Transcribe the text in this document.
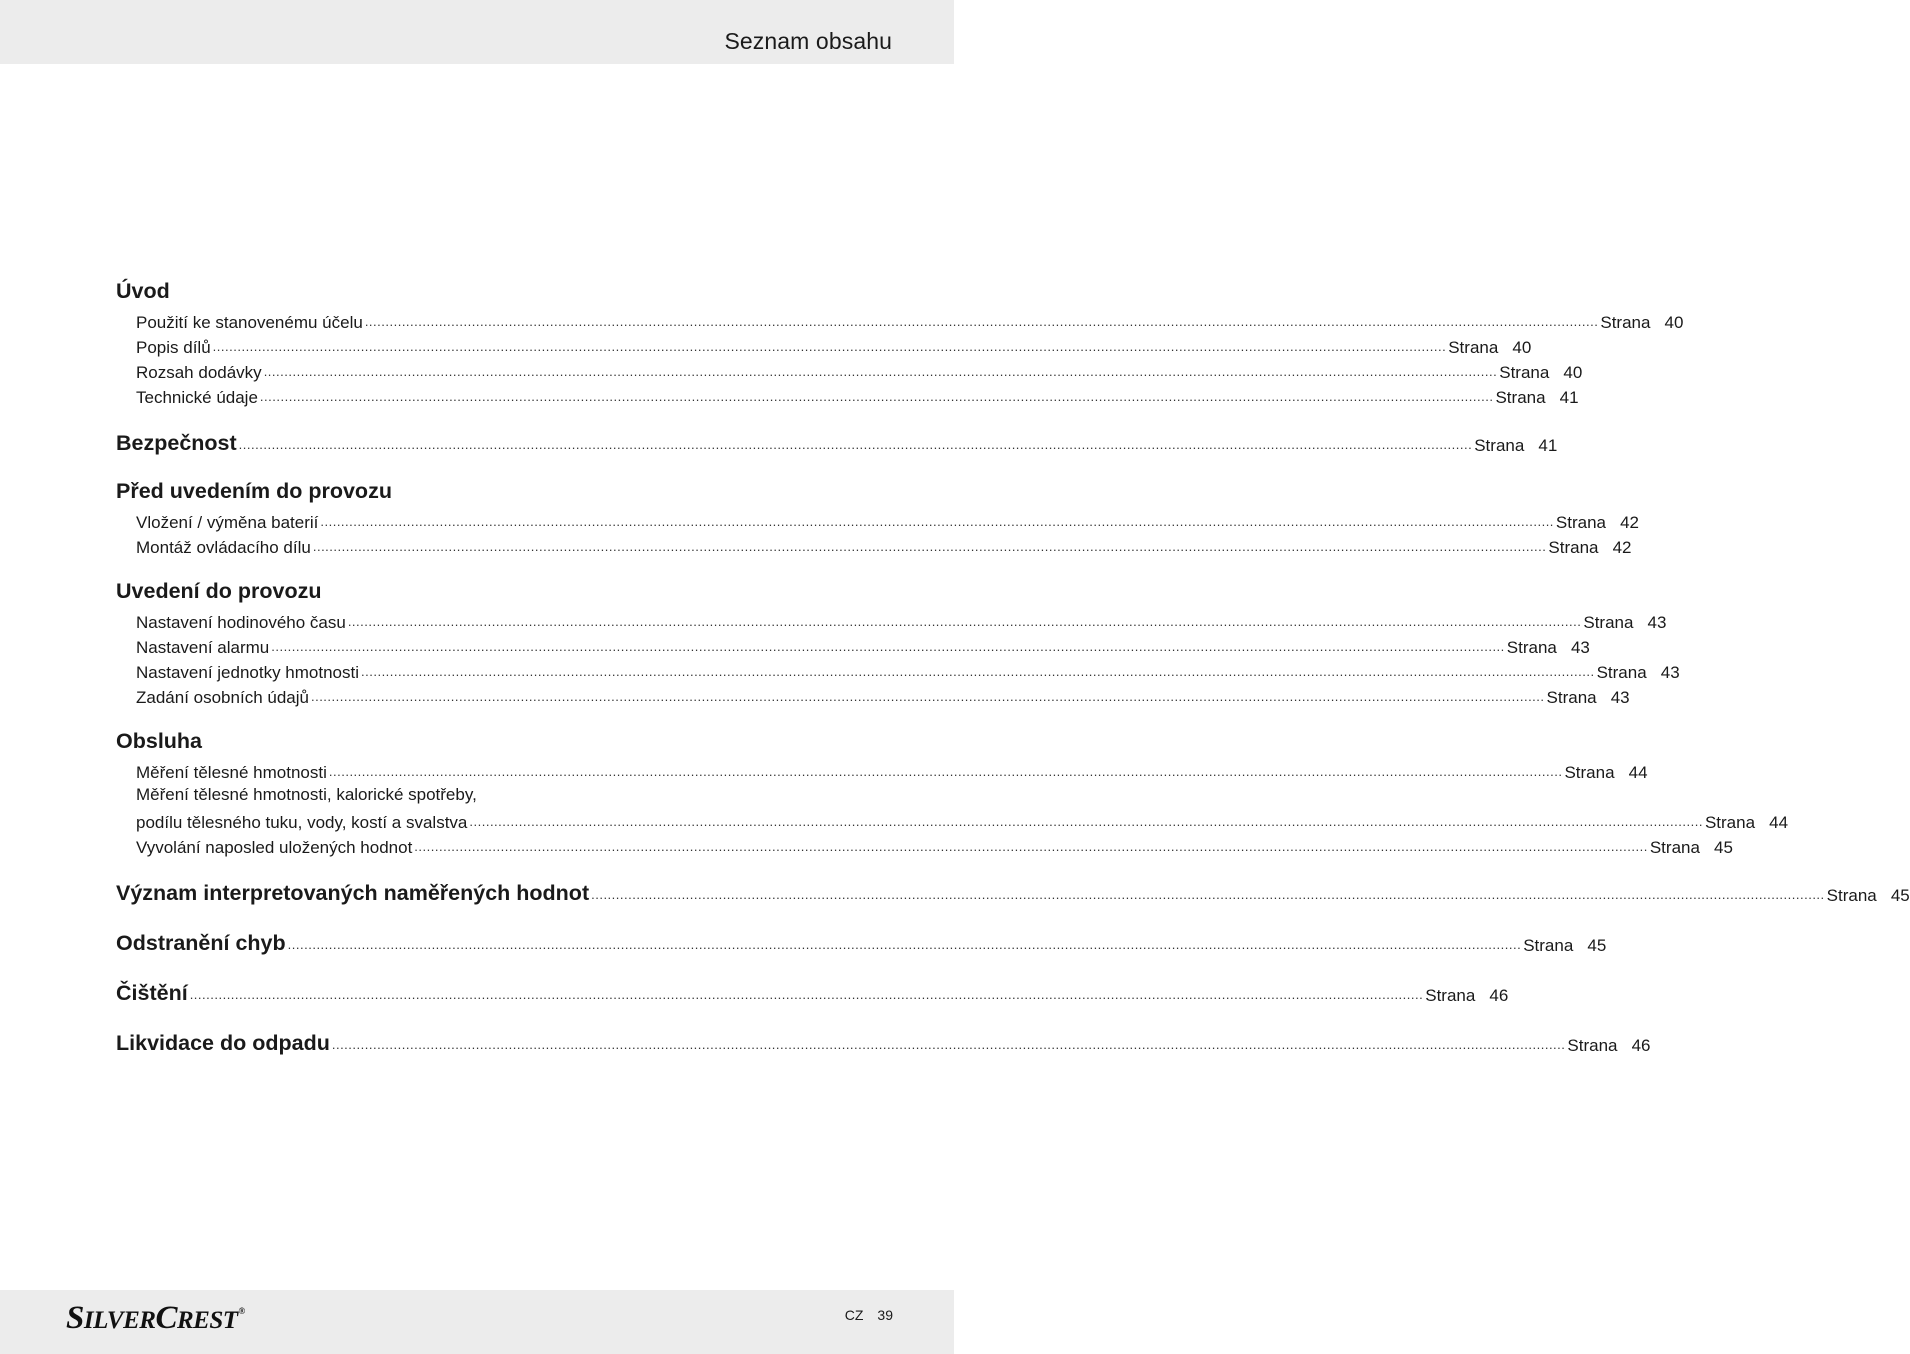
Seznam obsahu
Úvod
Použití ke stanovenému účelu ............................................................................................................................................................................................................................................................................................................ Strana 40
Popis dílů ............................................................................................................................................................................................................................................................................................................ Strana 40
Rozsah dodávky ............................................................................................................................................................................................................................................................................................................ Strana 40
Technické údaje ............................................................................................................................................................................................................................................................................................................ Strana 41
Bezpečnost ............................................................................................................................................................................................................................................................................................................ Strana 41
Před uvedením do provozu
Vložení / výměna baterií ............................................................................................................................................................................................................................................................................................................ Strana 42
Montáž ovládacího dílu ............................................................................................................................................................................................................................................................................................................ Strana 42
Uvedení do provozu
Nastavení hodinového času ............................................................................................................................................................................................................................................................................................................ Strana 43
Nastavení alarmu ............................................................................................................................................................................................................................................................................................................ Strana 43
Nastavení jednotky hmotnosti ............................................................................................................................................................................................................................................................................................................ Strana 43
Zadání osobních údajů ............................................................................................................................................................................................................................................................................................................ Strana 43
Obsluha
Měření tělesné hmotnosti ............................................................................................................................................................................................................................................................................................................ Strana 44
Měření tělesné hmotnosti, kalorické spotřeby,
podílu tělesného tuku, vody, kostí a svalstva ............................................................................................................................................................................................................................................................................................................ Strana 44
Vyvolání naposled uložených hodnot ............................................................................................................................................................................................................................................................................................................ Strana 45
Význam interpretovaných naměřených hodnot ............................................................................................................................................................................................................................................................................................................ Strana 45
Odstranění chyb ............................................................................................................................................................................................................................................................................................................ Strana 45
Čištění ............................................................................................................................................................................................................................................................................................................ Strana 46
Likvidace do odpadu ............................................................................................................................................................................................................................................................................................................ Strana 46
SILVERCREST®	CZ 39
